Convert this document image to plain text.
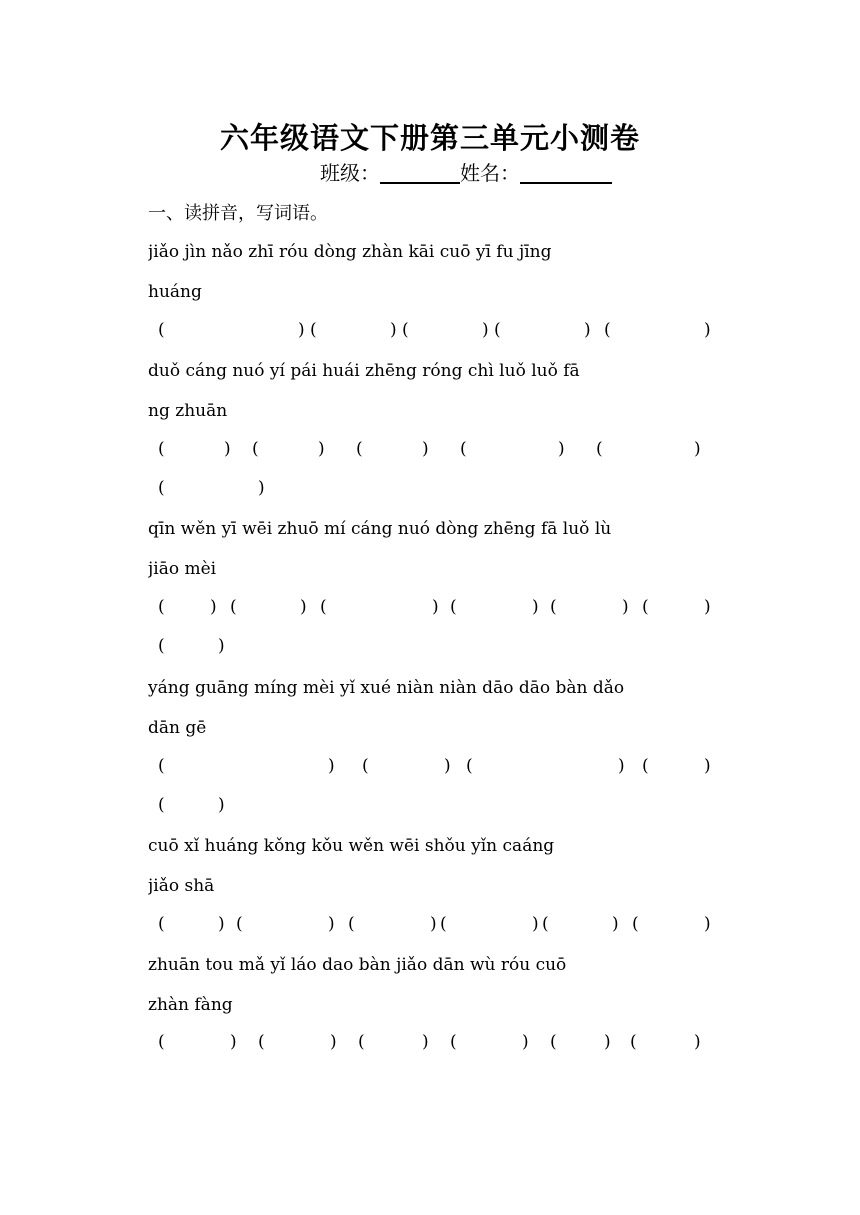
六年级语文下册第三单元小测卷
班级：	姓名：
一、读拼音，写词语。
jiǎo jìn nǎo zhī róu dòng zhàn kāi cuō yī fu jīng
huáng
duǒ cáng nuó yí pái huái zhēng róng chì luǒ luǒ fā
ng zhuān
qīn wěn yī wēi zhuō mí cáng nuó dòng zhēng fā luǒ lù
jiāo mèi
yáng guāng míng mèi yǐ xué niàn niàn dāo dāo bàn dǎo
dān gē
cuō xǐ huáng kǒng kǒu wěn wēi shǒu yǐn caáng
jiǎo shā
zhuān tou mǎ yǐ láo dao bàn jiǎo dān wù róu cuō
zhàn fàng
(	) (	) (	) (	) (	)
(	) (	) (	) (	) (	)
(	)
(	) (	) (	) (	) (	) (	)
(	)
(	) (	) (	) (	)
(	)
(	) (	) (	) (	) (	) (	)
(	) (	) (	) (	) (	) (	)
